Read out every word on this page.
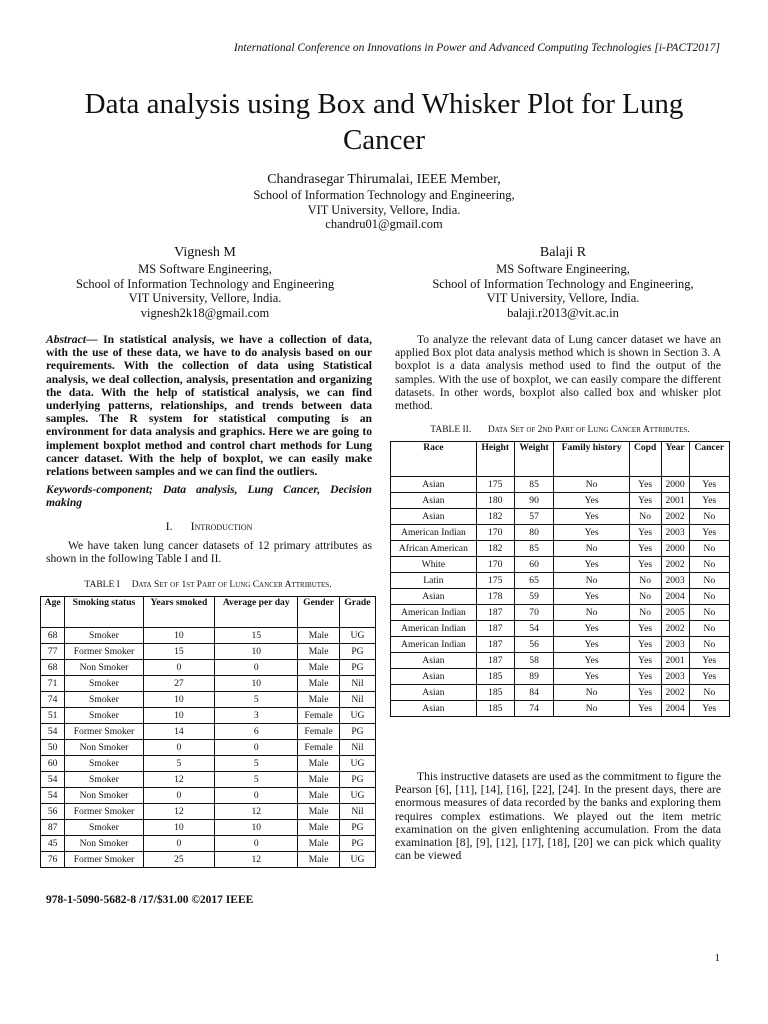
International Conference on Innovations in Power and Advanced Computing Technologies [i-PACT2017]
Data analysis using Box and Whisker Plot for Lung
Cancer
Chandrasegar Thirumalai, IEEE Member,
School of Information Technology and Engineering,
VIT University, Vellore, India.
chandru01@gmail.com
Vignesh M
MS Software Engineering,
School of Information Technology and Engineering
VIT University, Vellore, India.
vignesh2k18@gmail.com
Balaji R
MS Software Engineering,
School of Information Technology and Engineering,
VIT University, Vellore, India.
balaji.r2013@vit.ac.in
Abstract— In statistical analysis, we have a collection of data, with the use of these data, we have to do analysis based on our requirements. With the collection of data using Statistical analysis, we deal collection, analysis, presentation and organizing the data. With the help of statistical analysis, we can find underlying patterns, relationships, and trends between data samples. The R system for statistical computing is an environment for data analysis and graphics. Here we are going to implement boxplot method and control chart methods for Lung cancer dataset. With the help of boxplot, we can easily make relations between samples and we can find the outliers.
Keywords-component; Data analysis, Lung Cancer, Decision making
I. Introduction
We have taken lung cancer datasets of 12 primary attributes as shown in the following Table I and II.
TABLE I Data Set of 1st Part of Lung Cancer Attributes.
Age	Smoking status	Years smoked	Average per day	Gender	Grade
68	Smoker	10	15	Male	UG
77	Former Smoker	15	10	Male	PG
68	Non Smoker	0	0	Male	PG
71	Smoker	27	10	Male	Nil
74	Smoker	10	5	Male	Nil
51	Smoker	10	3	Female	UG
54	Former Smoker	14	6	Female	PG
50	Non Smoker	0	0	Female	Nil
60	Smoker	5	5	Male	UG
54	Smoker	12	5	Male	PG
54	Non Smoker	0	0	Male	UG
56	Former Smoker	12	12	Male	Nil
87	Smoker	10	10	Male	PG
45	Non Smoker	0	0	Male	PG
76	Former Smoker	25	12	Male	UG
To analyze the relevant data of Lung cancer dataset we have an applied Box plot data analysis method which is shown in Section 3. A boxplot is a data analysis method used to find the output of the samples. With the use of boxplot, we can easily compare the different datasets. In other words, boxplot also called box and whisker plot method.
TABLE II. Data Set of 2nd Part of Lung Cancer Attributes.
Race	Height	Weight	Family history	Copd	Year	Cancer
Asian	175	85	No	Yes	2000	Yes
Asian	180	90	Yes	Yes	2001	Yes
Asian	182	57	Yes	No	2002	No
American Indian	170	80	Yes	Yes	2003	Yes
African American	182	85	No	Yes	2000	No
White	170	60	Yes	Yes	2002	No
Latin	175	65	No	No	2003	No
Asian	178	59	Yes	No	2004	No
American Indian	187	70	No	No	2005	No
American Indian	187	54	Yes	Yes	2002	No
American Indian	187	56	Yes	Yes	2003	No
Asian	187	58	Yes	Yes	2001	Yes
Asian	185	89	Yes	Yes	2003	Yes
Asian	185	84	No	Yes	2002	No
Asian	185	74	No	Yes	2004	Yes
This instructive datasets are used as the commitment to figure the Pearson [6], [11], [14], [16], [22], [24]. In the present days, there are enormous measures of data recorded by the banks and exploring them requires complex estimations. We played out the item metric examination on the given enlightening accumulation. From the data examination [8], [9], [12], [17], [18], [20] we can pick which quality can be viewed
978-1-5090-5682-8 /17/$31.00 ©2017 IEEE
1
